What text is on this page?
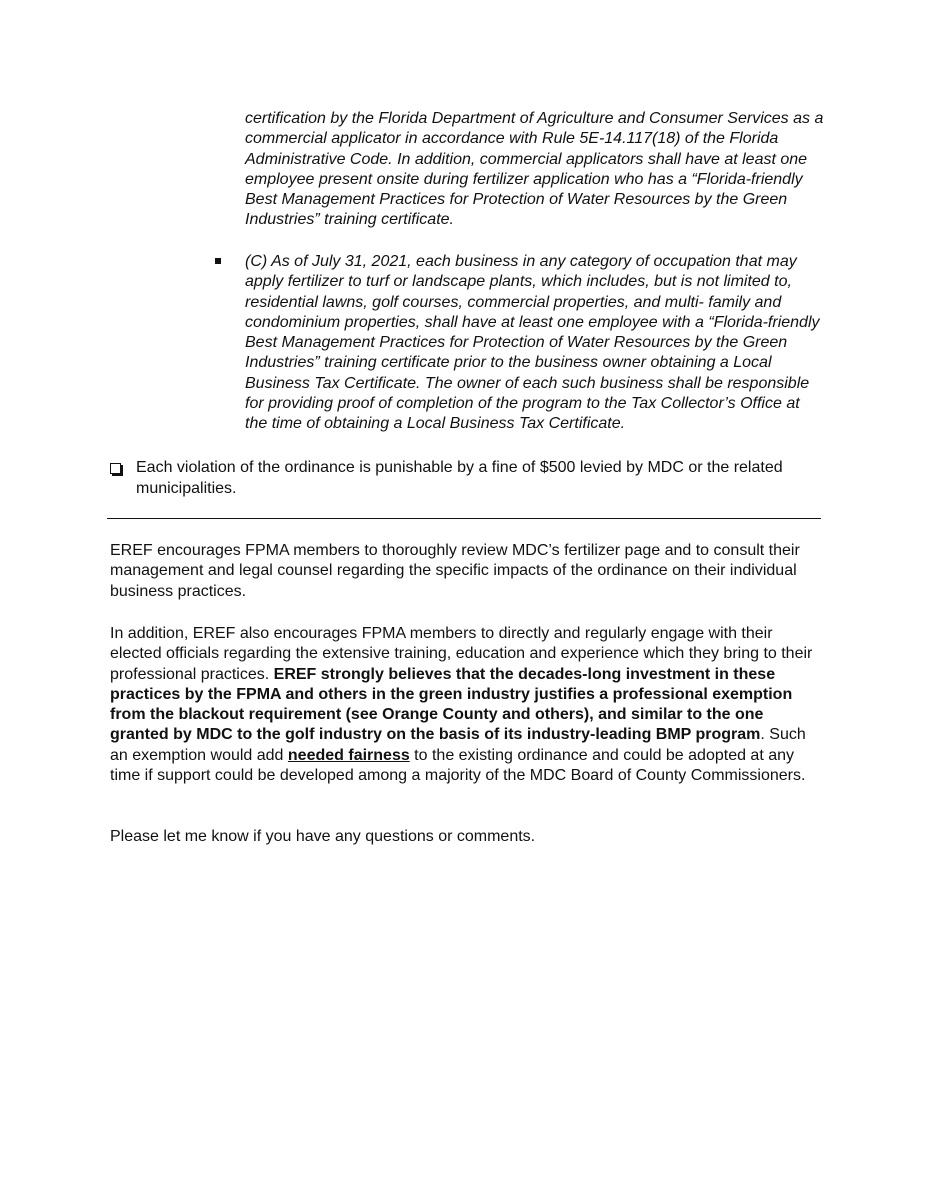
certification by the Florida Department of Agriculture and Consumer Services as a commercial applicator in accordance with Rule 5E-14.117(18) of the Florida Administrative Code. In addition, commercial applicators shall have at least one employee present onsite during fertilizer application who has a “Florida-friendly Best Management Practices for Protection of Water Resources by the Green Industries” training certificate.
(C) As of July 31, 2021, each business in any category of occupation that may apply fertilizer to turf or landscape plants, which includes, but is not limited to, residential lawns, golf courses, commercial properties, and multi- family and condominium properties, shall have at least one employee with a “Florida-friendly Best Management Practices for Protection of Water Resources by the Green Industries” training certificate prior to the business owner obtaining a Local Business Tax Certificate. The owner of each such business shall be responsible for providing proof of completion of the program to the Tax Collector’s Office at the time of obtaining a Local Business Tax Certificate.
Each violation of the ordinance is punishable by a fine of $500 levied by MDC or the related municipalities.
EREF encourages FPMA members to thoroughly review MDC’s fertilizer page and to consult their management and legal counsel regarding the specific impacts of the ordinance on their individual business practices.
In addition, EREF also encourages FPMA members to directly and regularly engage with their elected officials regarding the extensive training, education and experience which they bring to their professional practices. EREF strongly believes that the decades-long investment in these practices by the FPMA and others in the green industry justifies a professional exemption from the blackout requirement (see Orange County and others), and similar to the one granted by MDC to the golf industry on the basis of its industry-leading BMP program. Such an exemption would add needed fairness to the existing ordinance and could be adopted at any time if support could be developed among a majority of the MDC Board of County Commissioners.
Please let me know if you have any questions or comments.
